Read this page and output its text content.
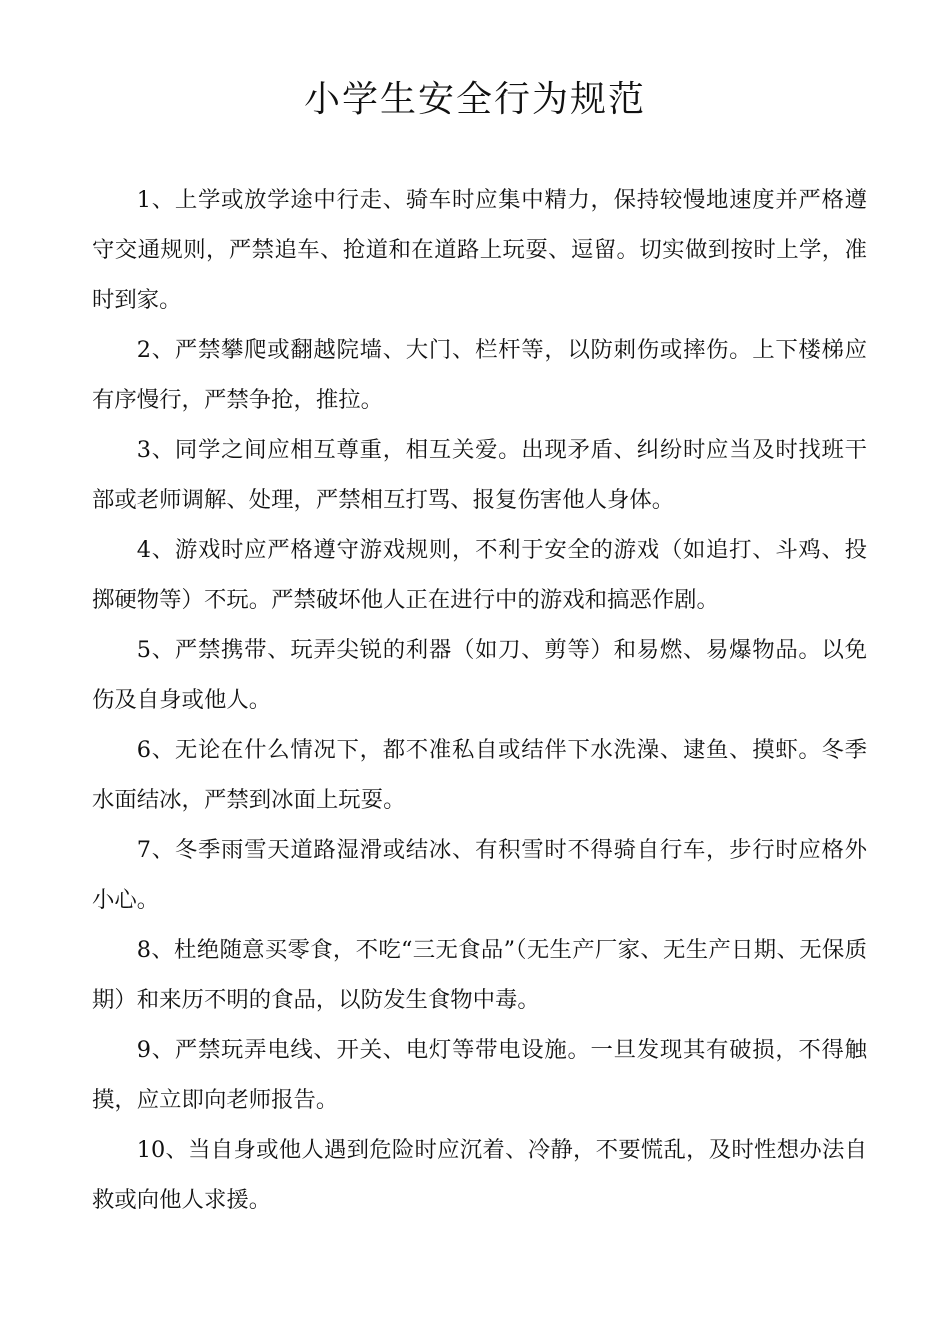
小学生安全行为规范

1、上学或放学途中行走、骑车时应集中精力，保持较慢地速度并严格遵守交通规则，严禁追车、抢道和在道路上玩耍、逗留。切实做到按时上学，准时到家。

2、严禁攀爬或翻越院墙、大门、栏杆等，以防刺伤或摔伤。上下楼梯应有序慢行，严禁争抢，推拉。

3、同学之间应相互尊重，相互关爱。出现矛盾、纠纷时应当及时找班干部或老师调解、处理，严禁相互打骂、报复伤害他人身体。

4、游戏时应严格遵守游戏规则，不利于安全的游戏（如追打、斗鸡、投掷硬物等）不玩。严禁破坏他人正在进行中的游戏和搞恶作剧。

5、严禁携带、玩弄尖锐的利器（如刀、剪等）和易燃、易爆物品。以免伤及自身或他人。

6、无论在什么情况下，都不准私自或结伴下水洗澡、逮鱼、摸虾。冬季水面结冰，严禁到冰面上玩耍。

7、冬季雨雪天道路湿滑或结冰、有积雪时不得骑自行车，步行时应格外小心。

8、杜绝随意买零食，不吃“三无食品”（无生产厂家、无生产日期、无保质期）和来历不明的食品，以防发生食物中毒。

9、严禁玩弄电线、开关、电灯等带电设施。一旦发现其有破损，不得触摸，应立即向老师报告。

10、当自身或他人遇到危险时应沉着、冷静，不要慌乱，及时性想办法自救或向他人求援。
